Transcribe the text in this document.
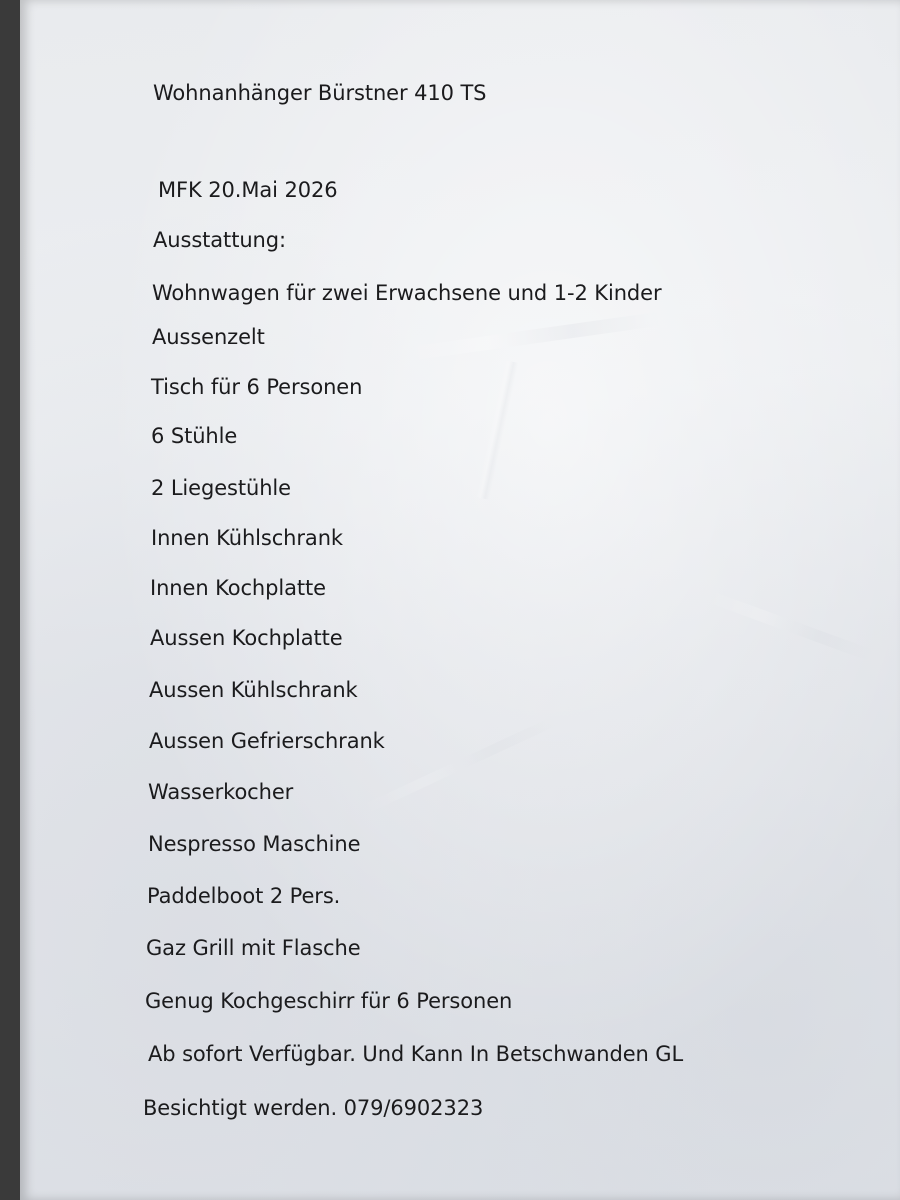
Wohnanhänger Bürstner 410 TS

MFK 20.Mai 2026

Ausstattung:

Wohnwagen für zwei Erwachsene und 1-2 Kinder

Aussenzelt

Tisch für 6 Personen

6 Stühle

2 Liegestühle

Innen Kühlschrank

Innen Kochplatte

Aussen Kochplatte

Aussen Kühlschrank

Aussen Gefrierschrank

Wasserkocher

Nespresso Maschine

Paddelboot 2 Pers.

Gaz Grill mit Flasche

Genug Kochgeschirr für 6 Personen

Ab sofort Verfügbar. Und Kann In Betschwanden GL

Besichtigt werden. 079/6902323
